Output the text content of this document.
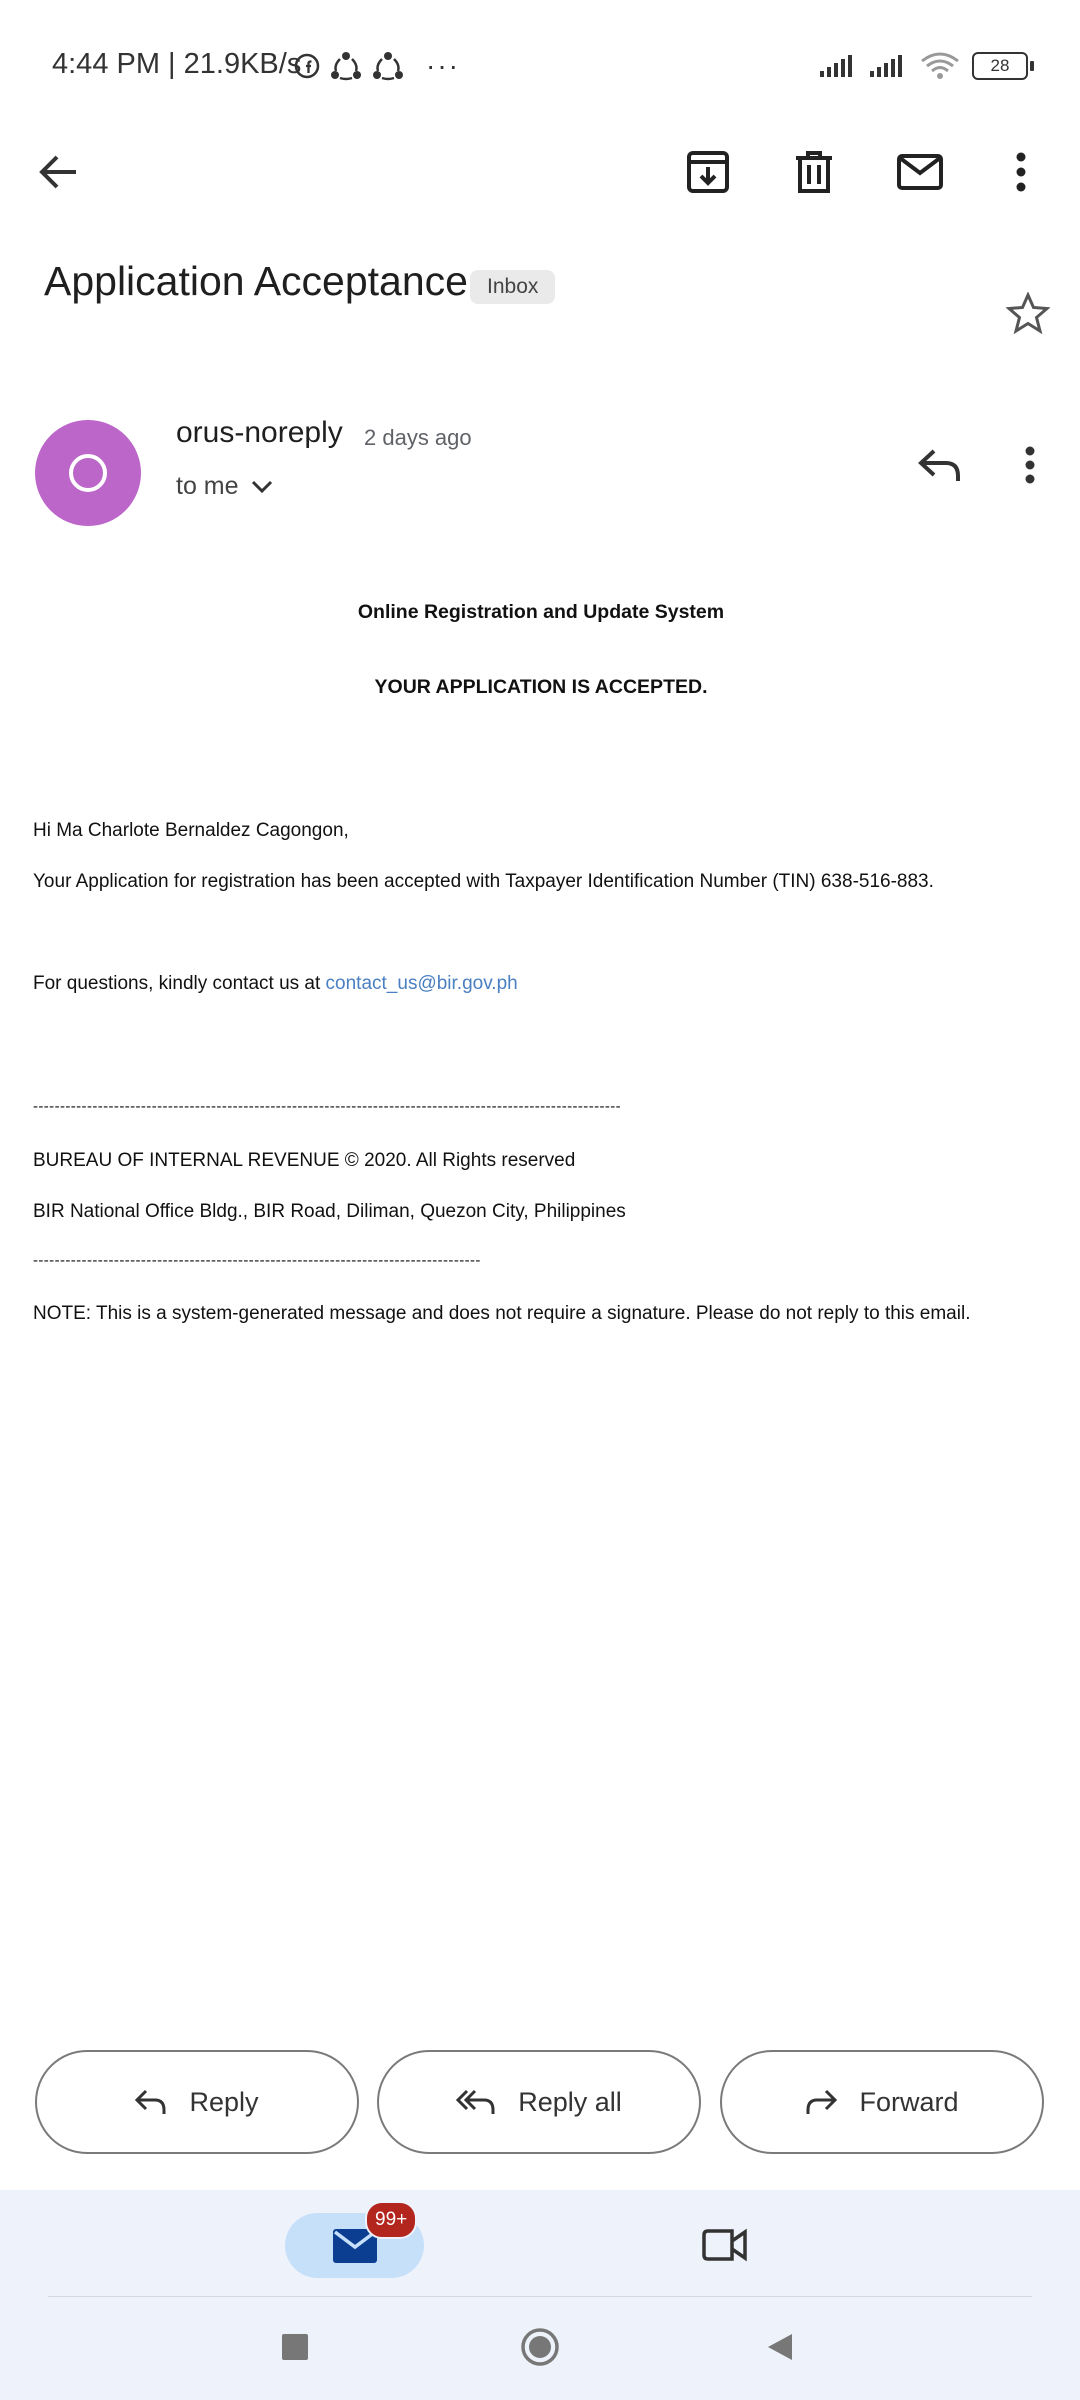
4:44 PM | 21.9KB/s	···	28
Application Acceptance Inbox
orus-noreply 2 days ago
to me
Online Registration and Update System
YOUR APPLICATION IS ACCEPTED.
Hi Ma Charlote Bernaldez Cagongon,
Your Application for registration has been accepted with Taxpayer Identification Number (TIN) 638-516-883.
For questions, kindly contact us at contact_us@bir.gov.ph
-------------------------------------------------------------------------------------------------------------
BUREAU OF INTERNAL REVENUE © 2020. All Rights reserved
BIR National Office Bldg., BIR Road, Diliman, Quezon City, Philippines
-----------------------------------------------------------------------------------
NOTE: This is a system-generated message and does not require a signature. Please do not reply to this email.
Reply	Reply all	Forward
99+
